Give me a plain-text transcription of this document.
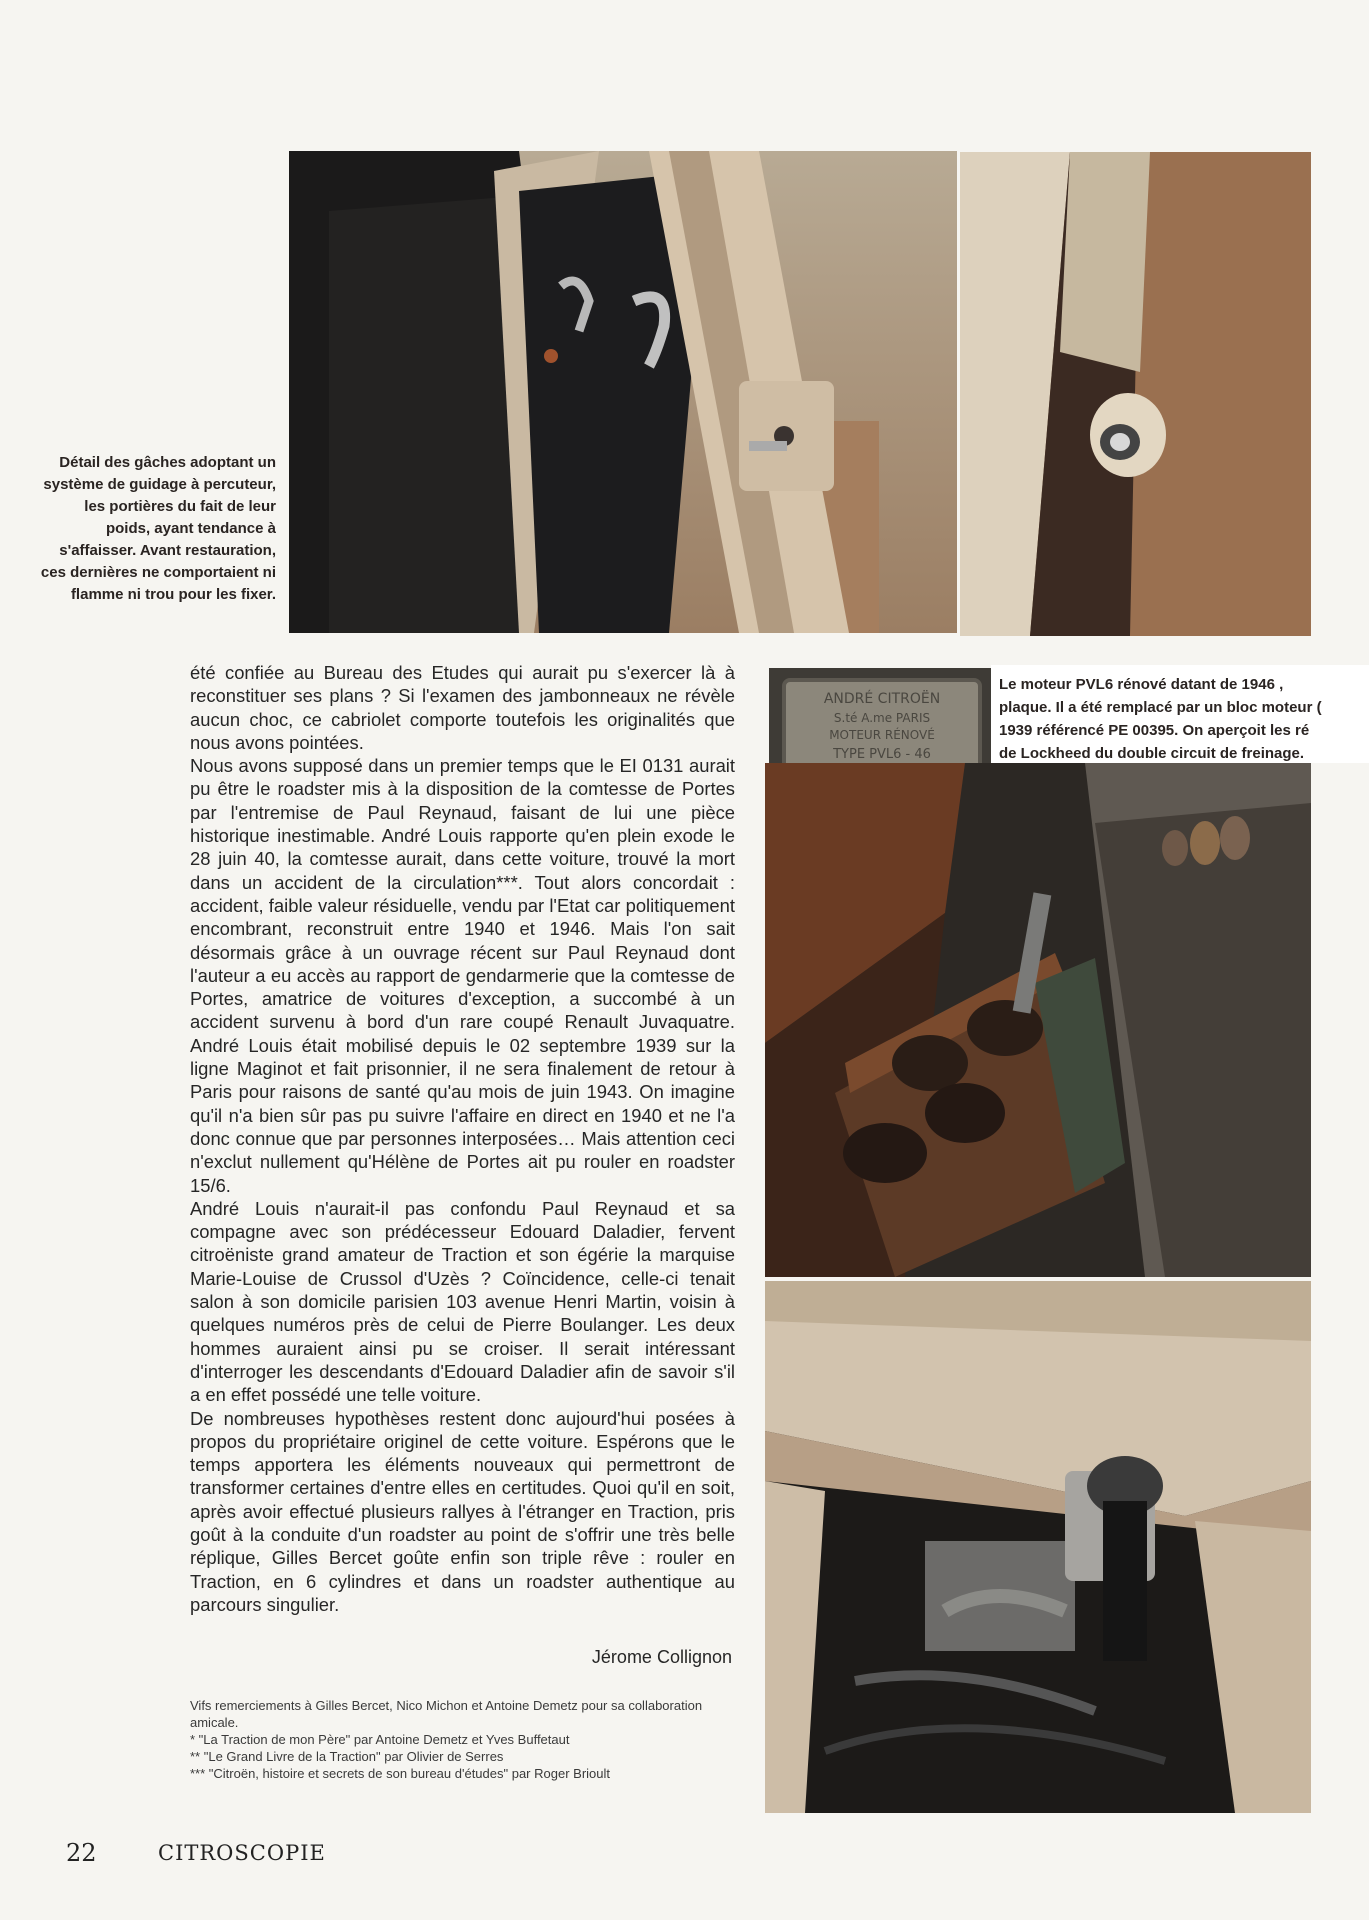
ANDRÉ CITROËN
S.té A.me PARIS
MOTEUR RÉNOVÉ
TYPE PVL6 - 46

Détail des gâches adoptant un système de guidage à percuteur, les portières du fait de leur poids, ayant tendance à s'affaisser. Avant restauration, ces dernières ne comportaient ni flamme ni trou pour les fixer.

Le moteur PVL6 rénové datant de 1946 ,
plaque. Il a été remplacé par un bloc moteur (
1939 référencé PE 00395. On aperçoit les ré
de Lockheed du double circuit de freinage.

été confiée au Bureau des Etudes qui aurait pu s'exercer là à reconstituer ses plans ? Si l'examen des jambonneaux ne révèle aucun choc, ce cabriolet comporte toutefois les originalités que nous avons pointées.

Nous avons supposé dans un premier temps que le EI 0131 aurait pu être le roadster mis à la disposition de la comtesse de Portes par l'entremise de Paul Reynaud, faisant de lui une pièce historique inestimable. André Louis rapporte qu'en plein exode le 28 juin 40, la comtesse aurait, dans cette voiture, trouvé la mort dans un accident de la circulation***. Tout alors concordait : accident, faible valeur résiduelle, vendu par l'Etat car politiquement encombrant, reconstruit entre 1940 et 1946. Mais l'on sait désormais grâce à un ouvrage récent sur Paul Reynaud dont l'auteur a eu accès au rapport de gendarmerie que la comtesse de Portes, amatrice de voitures d'exception, a succombé à un accident survenu à bord d'un rare coupé Renault Juvaquatre. André Louis était mobilisé depuis le 02 septembre 1939 sur la ligne Maginot et fait prisonnier, il ne sera finalement de retour à Paris pour raisons de santé qu'au mois de juin 1943. On imagine qu'il n'a bien sûr pas pu suivre l'affaire en direct en 1940 et ne l'a donc connue que par personnes interposées… Mais attention ceci n'exclut nullement qu'Hélène de Portes ait pu rouler en roadster 15/6.

André Louis n'aurait-il pas confondu Paul Reynaud et sa compagne avec son prédécesseur Edouard Daladier, fervent citroëniste grand amateur de Traction et son égérie la marquise Marie-Louise de Crussol d'Uzès ? Coïncidence, celle-ci tenait salon à son domicile parisien 103 avenue Henri Martin, voisin à quelques numéros près de celui de Pierre Boulanger. Les deux hommes auraient ainsi pu se croiser. Il serait intéressant d'interroger les descendants d'Edouard Daladier afin de savoir s'il a en effet possédé une telle voiture.

De nombreuses hypothèses restent donc aujourd'hui posées à propos du propriétaire originel de cette voiture. Espérons que le temps apportera les éléments nouveaux qui permettront de transformer certaines d'entre elles en certitudes. Quoi qu'il en soit, après avoir effectué plusieurs rallyes à l'étranger en Traction, pris goût à la conduite d'un roadster au point de s'offrir une très belle réplique, Gilles Bercet goûte enfin son triple rêve : rouler en Traction, en 6 cylindres et dans un roadster authentique au parcours singulier.

Jérome Collignon

Vifs remerciements à Gilles Bercet, Nico Michon et Antoine Demetz pour sa collaboration amicale.

* "La Traction de mon Père" par Antoine Demetz et Yves Buffetaut

** "Le Grand Livre de la Traction" par Olivier de Serres

*** "Citroën, histoire et secrets de son bureau d'études" par Roger Brioult

22	CITROSCOPIE
